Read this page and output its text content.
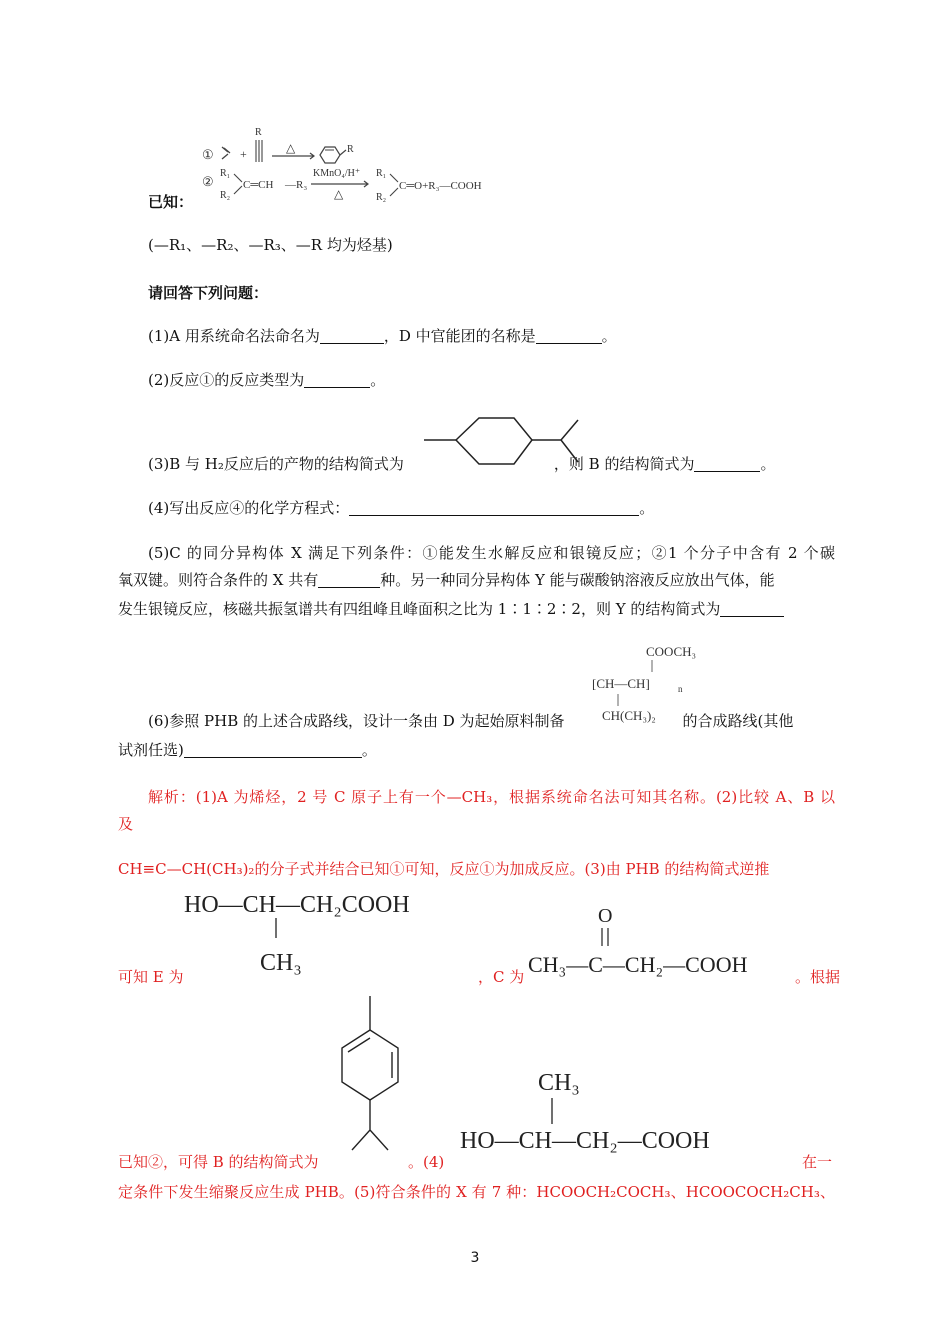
已知：
① +
R
△	R
②
R₁
R₂
C═CH —R₃
KMnO₄/H⁺
△
R₁
R₂
C═O+R₃—COOH
(—R₁、—R₂、—R₃、—R 均为烃基)
请回答下列问题：
(1)A 用系统命名法命名为	，D 中官能团的名称是	。
(2)反应①的反应类型为	。
(3)B 与 H₂反应后的产物的结构简式为	，则 B 的结构简式为	。
(4)写出反应④的化学方程式：	。
(5)C 的同分异构体 X 满足下列条件：①能发生水解反应和银镜反应；②1 个分子中含有 2 个碳
氧双键。则符合条件的 X 共有	种。另一种同分异构体 Y 能与碳酸钠溶液反应放出气体，能
发生银镜反应，核磁共振氢谱共有四组峰且峰面积之比为 1∶1∶2∶2，则 Y 的结构简式为
(6)参照 PHB 的上述合成路线，设计一条由 D 为起始原料制备	的合成路线(其他
试剂任选)	。
COOCH₃
[CH—CH]	n
CH(CH₃)₂
解析：(1)A 为烯烃，2 号 C 原子上有一个—CH₃，根据系统命名法可知其名称。(2)比较 A、B 以
及
CH≡C—CH(CH₃)₂的分子式并结合已知①可知，反应①为加成反应。(3)由 PHB 的结构简式逆推
可知 E 为	，C 为	。根据
HO—CH—CH₂COOH
CH₃
O
CH₃—C—CH₂—COOH
CH₃
HO—CH—CH₂—COOH
已知②，可得 B 的结构简式为	。(4)	在一
定条件下发生缩聚反应生成 PHB。(5)符合条件的 X 有 7 种：HCOOCH₂COCH₃、HCOOCOCH₂CH₃、
3
